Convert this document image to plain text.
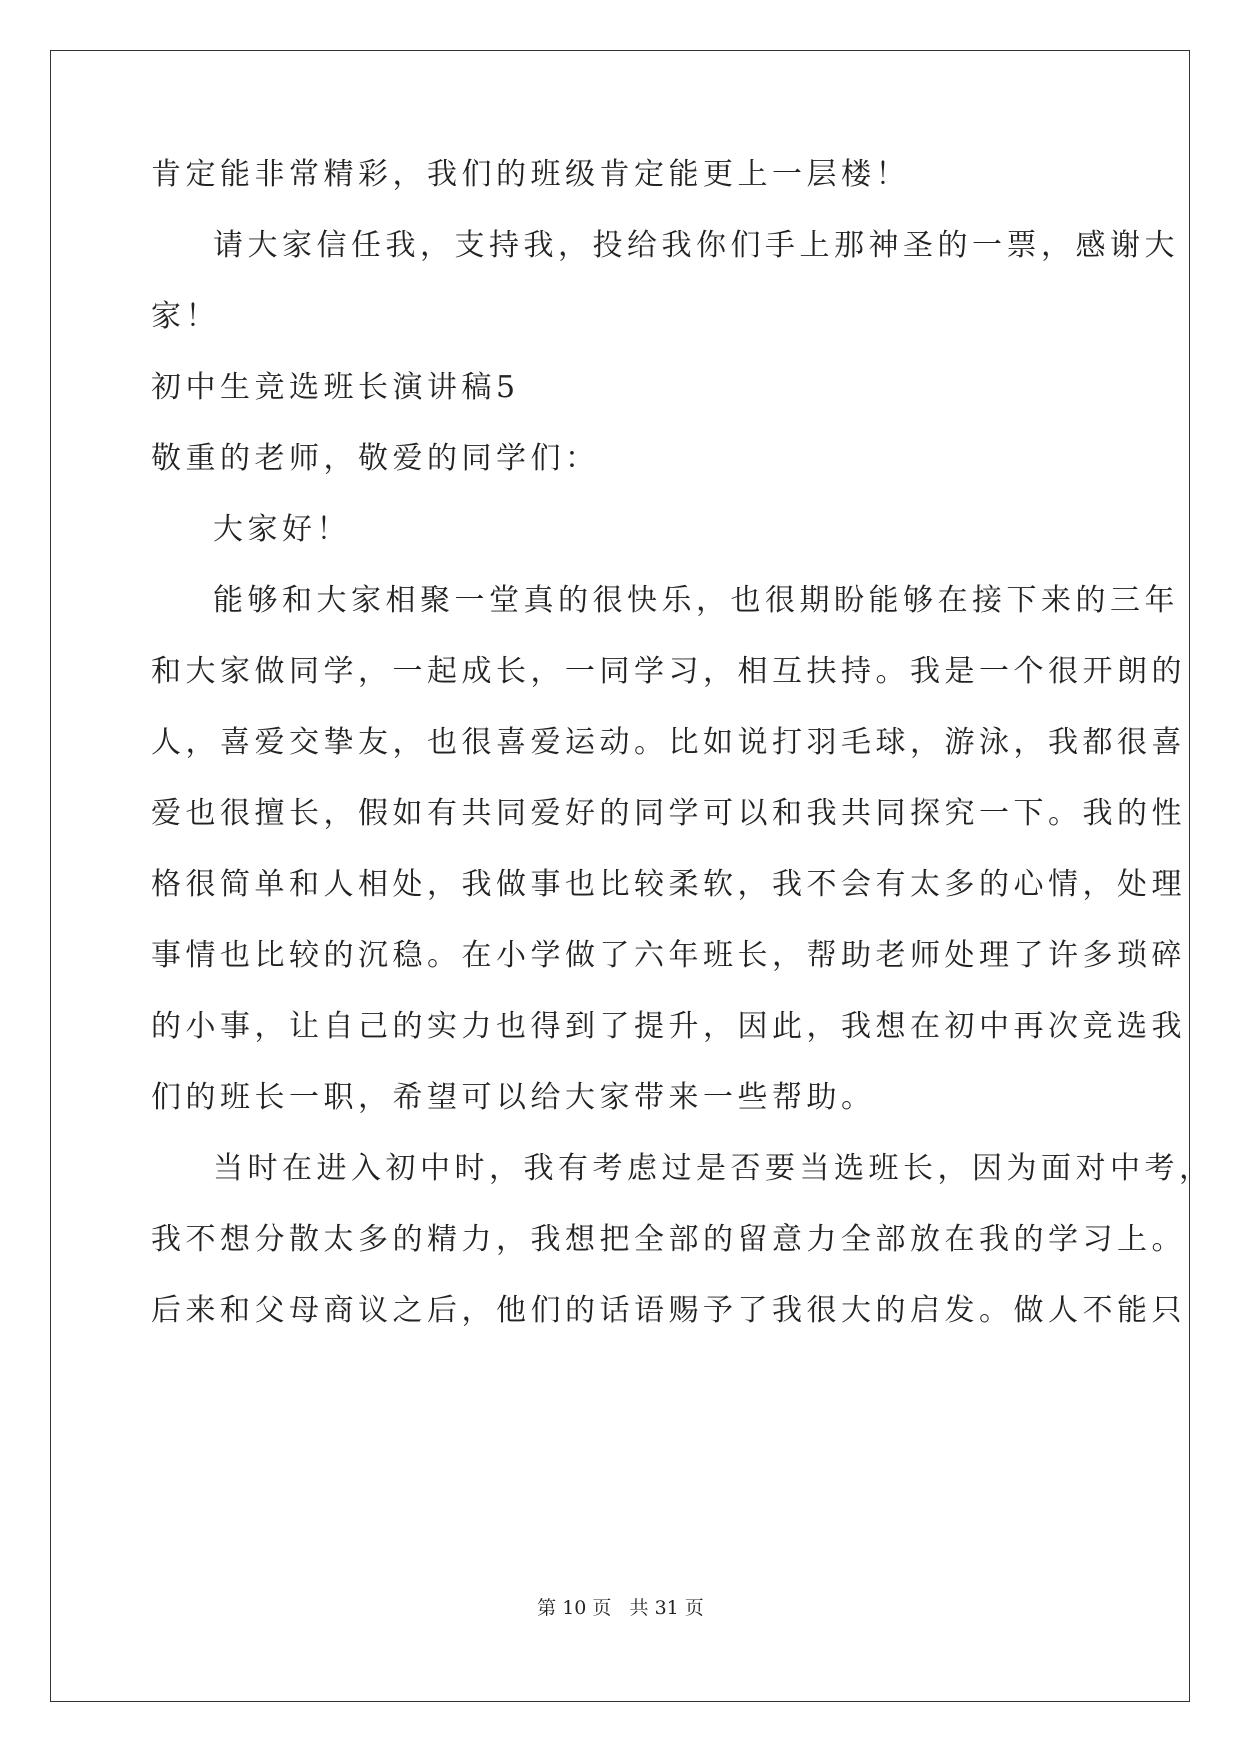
肯定能非常精彩，我们的班级肯定能更上一层楼！
请大家信任我，支持我，投给我你们手上那神圣的一票，感谢大
家！
初中生竞选班长演讲稿5
敬重的老师，敬爱的同学们：
大家好！
能够和大家相聚一堂真的很快乐，也很期盼能够在接下来的三年
和大家做同学，一起成长，一同学习，相互扶持。我是一个很开朗的
人，喜爱交挚友，也很喜爱运动。比如说打羽毛球，游泳，我都很喜
爱也很擅长，假如有共同爱好的同学可以和我共同探究一下。我的性
格很简单和人相处，我做事也比较柔软，我不会有太多的心情，处理
事情也比较的沉稳。在小学做了六年班长，帮助老师处理了许多琐碎
的小事，让自己的实力也得到了提升，因此，我想在初中再次竞选我
们的班长一职，希望可以给大家带来一些帮助。
当时在进入初中时，我有考虑过是否要当选班长，因为面对中考，
我不想分散太多的精力，我想把全部的留意力全部放在我的学习上。
后来和父母商议之后，他们的话语赐予了我很大的启发。做人不能只
第 10 页   共 31 页
